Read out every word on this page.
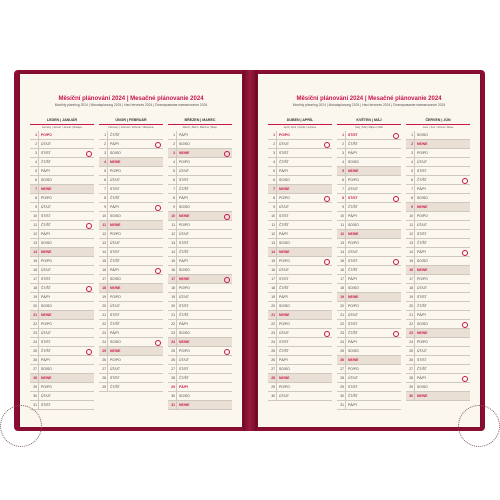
Měsíční plánování 2024 | Mesačné plánovanie 2024
Monthly planning 2024 | Monatsplanung 2024 | Havi tervezés 2024 | Планирование ежемесячное 2024
LEDEN | JANUÁR
January | Januar | Január | Январь
1	PO/PO
2	ÚT/UT
3	ST/ST
4	ČT/ŠT
5	PÁ/PI
6	SO/SO
7	NE/NE
8	PO/PO
9	ÚT/UT
10	ST/ST
11	ČT/ŠT
12	PÁ/PI
13	SO/SO
14	NE/NE
15	PO/PO
16	ÚT/UT
17	ST/ST
18	ČT/ŠT
19	PÁ/PI
20	SO/SO
21	NE/NE
22	PO/PO
23	ÚT/UT
24	ST/ST
25	ČT/ŠT
26	PÁ/PI
27	SO/SO
28	NE/NE
29	PO/PO
30	ÚT/UT
31	ST/ST
ÚNOR | FEBRUÁR
February | Februar | Február | Февраль
1	ČT/ŠT
2	PÁ/PI
3	SO/SO
4	NE/NE
5	PO/PO
6	ÚT/UT
7	ST/ST
8	ČT/ŠT
9	PÁ/PI
10	SO/SO
11	NE/NE
12	PO/PO
13	ÚT/UT
14	ST/ST
15	ČT/ŠT
16	PÁ/PI
17	SO/SO
18	NE/NE
19	PO/PO
20	ÚT/UT
21	ST/ST
22	ČT/ŠT
23	PÁ/PI
24	SO/SO
25	NE/NE
26	PO/PO
27	ÚT/UT
28	ST/ST
29	ČT/ŠT
BŘEZEN | MAREC
March | März | Március | Март
1	PÁ/PI
2	SO/SO
3	NE/NE
4	PO/PO
5	ÚT/UT
6	ST/ST
7	ČT/ŠT
8	PÁ/PI
9	SO/SO
10	NE/NE
11	PO/PO
12	ÚT/UT
13	ST/ST
14	ČT/ŠT
15	PÁ/PI
16	SO/SO
17	NE/NE
18	PO/PO
19	ÚT/UT
20	ST/ST
21	ČT/ŠT
22	PÁ/PI
23	SO/SO
24	NE/NE
25	PO/PO
26	ÚT/UT
27	ST/ST
28	ČT/ŠT
29	PÁ/PI
30	SO/SO
31	NE/NE
Měsíční plánování 2024 | Mesačné plánovanie 2024
Monthly planning 2024 | Monatsplanung 2024 | Havi tervezés 2024 | Планирование ежемесячное 2024
DUBEN | APRÍL
April | April | Április | Апрель
1	PO/PO
2	ÚT/UT
3	ST/ST
4	ČT/ŠT
5	PÁ/PI
6	SO/SO
7	NE/NE
8	PO/PO
9	ÚT/UT
10	ST/ST
11	ČT/ŠT
12	PÁ/PI
13	SO/SO
14	NE/NE
15	PO/PO
16	ÚT/UT
17	ST/ST
18	ČT/ŠT
19	PÁ/PI
20	SO/SO
21	NE/NE
22	PO/PO
23	ÚT/UT
24	ST/ST
25	ČT/ŠT
26	PÁ/PI
27	SO/SO
28	NE/NE
29	PO/PO
30	ÚT/UT
KVĚTEN | MÁJ
May | Mai | Május | Май
1	ST/ST
2	ČT/ŠT
3	PÁ/PI
4	SO/SO
5	NE/NE
6	PO/PO
7	ÚT/UT
8	ST/ST
9	ČT/ŠT
10	PÁ/PI
11	SO/SO
12	NE/NE
13	PO/PO
14	ÚT/UT
15	ST/ST
16	ČT/ŠT
17	PÁ/PI
18	SO/SO
19	NE/NE
20	PO/PO
21	ÚT/UT
22	ST/ST
23	ČT/ŠT
24	PÁ/PI
25	SO/SO
26	NE/NE
27	PO/PO
28	ÚT/UT
29	ST/ST
30	ČT/ŠT
31	PÁ/PI
ČERVEN | JÚN
June | Juni | Június | Июнь
1	SO/SO
2	NE/NE
3	PO/PO
4	ÚT/UT
5	ST/ST
6	ČT/ŠT
7	PÁ/PI
8	SO/SO
9	NE/NE
10	PO/PO
11	ÚT/UT
12	ST/ST
13	ČT/ŠT
14	PÁ/PI
15	SO/SO
16	NE/NE
17	PO/PO
18	ÚT/UT
19	ST/ST
20	ČT/ŠT
21	PÁ/PI
22	SO/SO
23	NE/NE
24	PO/PO
25	ÚT/UT
26	ST/ST
27	ČT/ŠT
28	PÁ/PI
29	SO/SO
30	NE/NE
